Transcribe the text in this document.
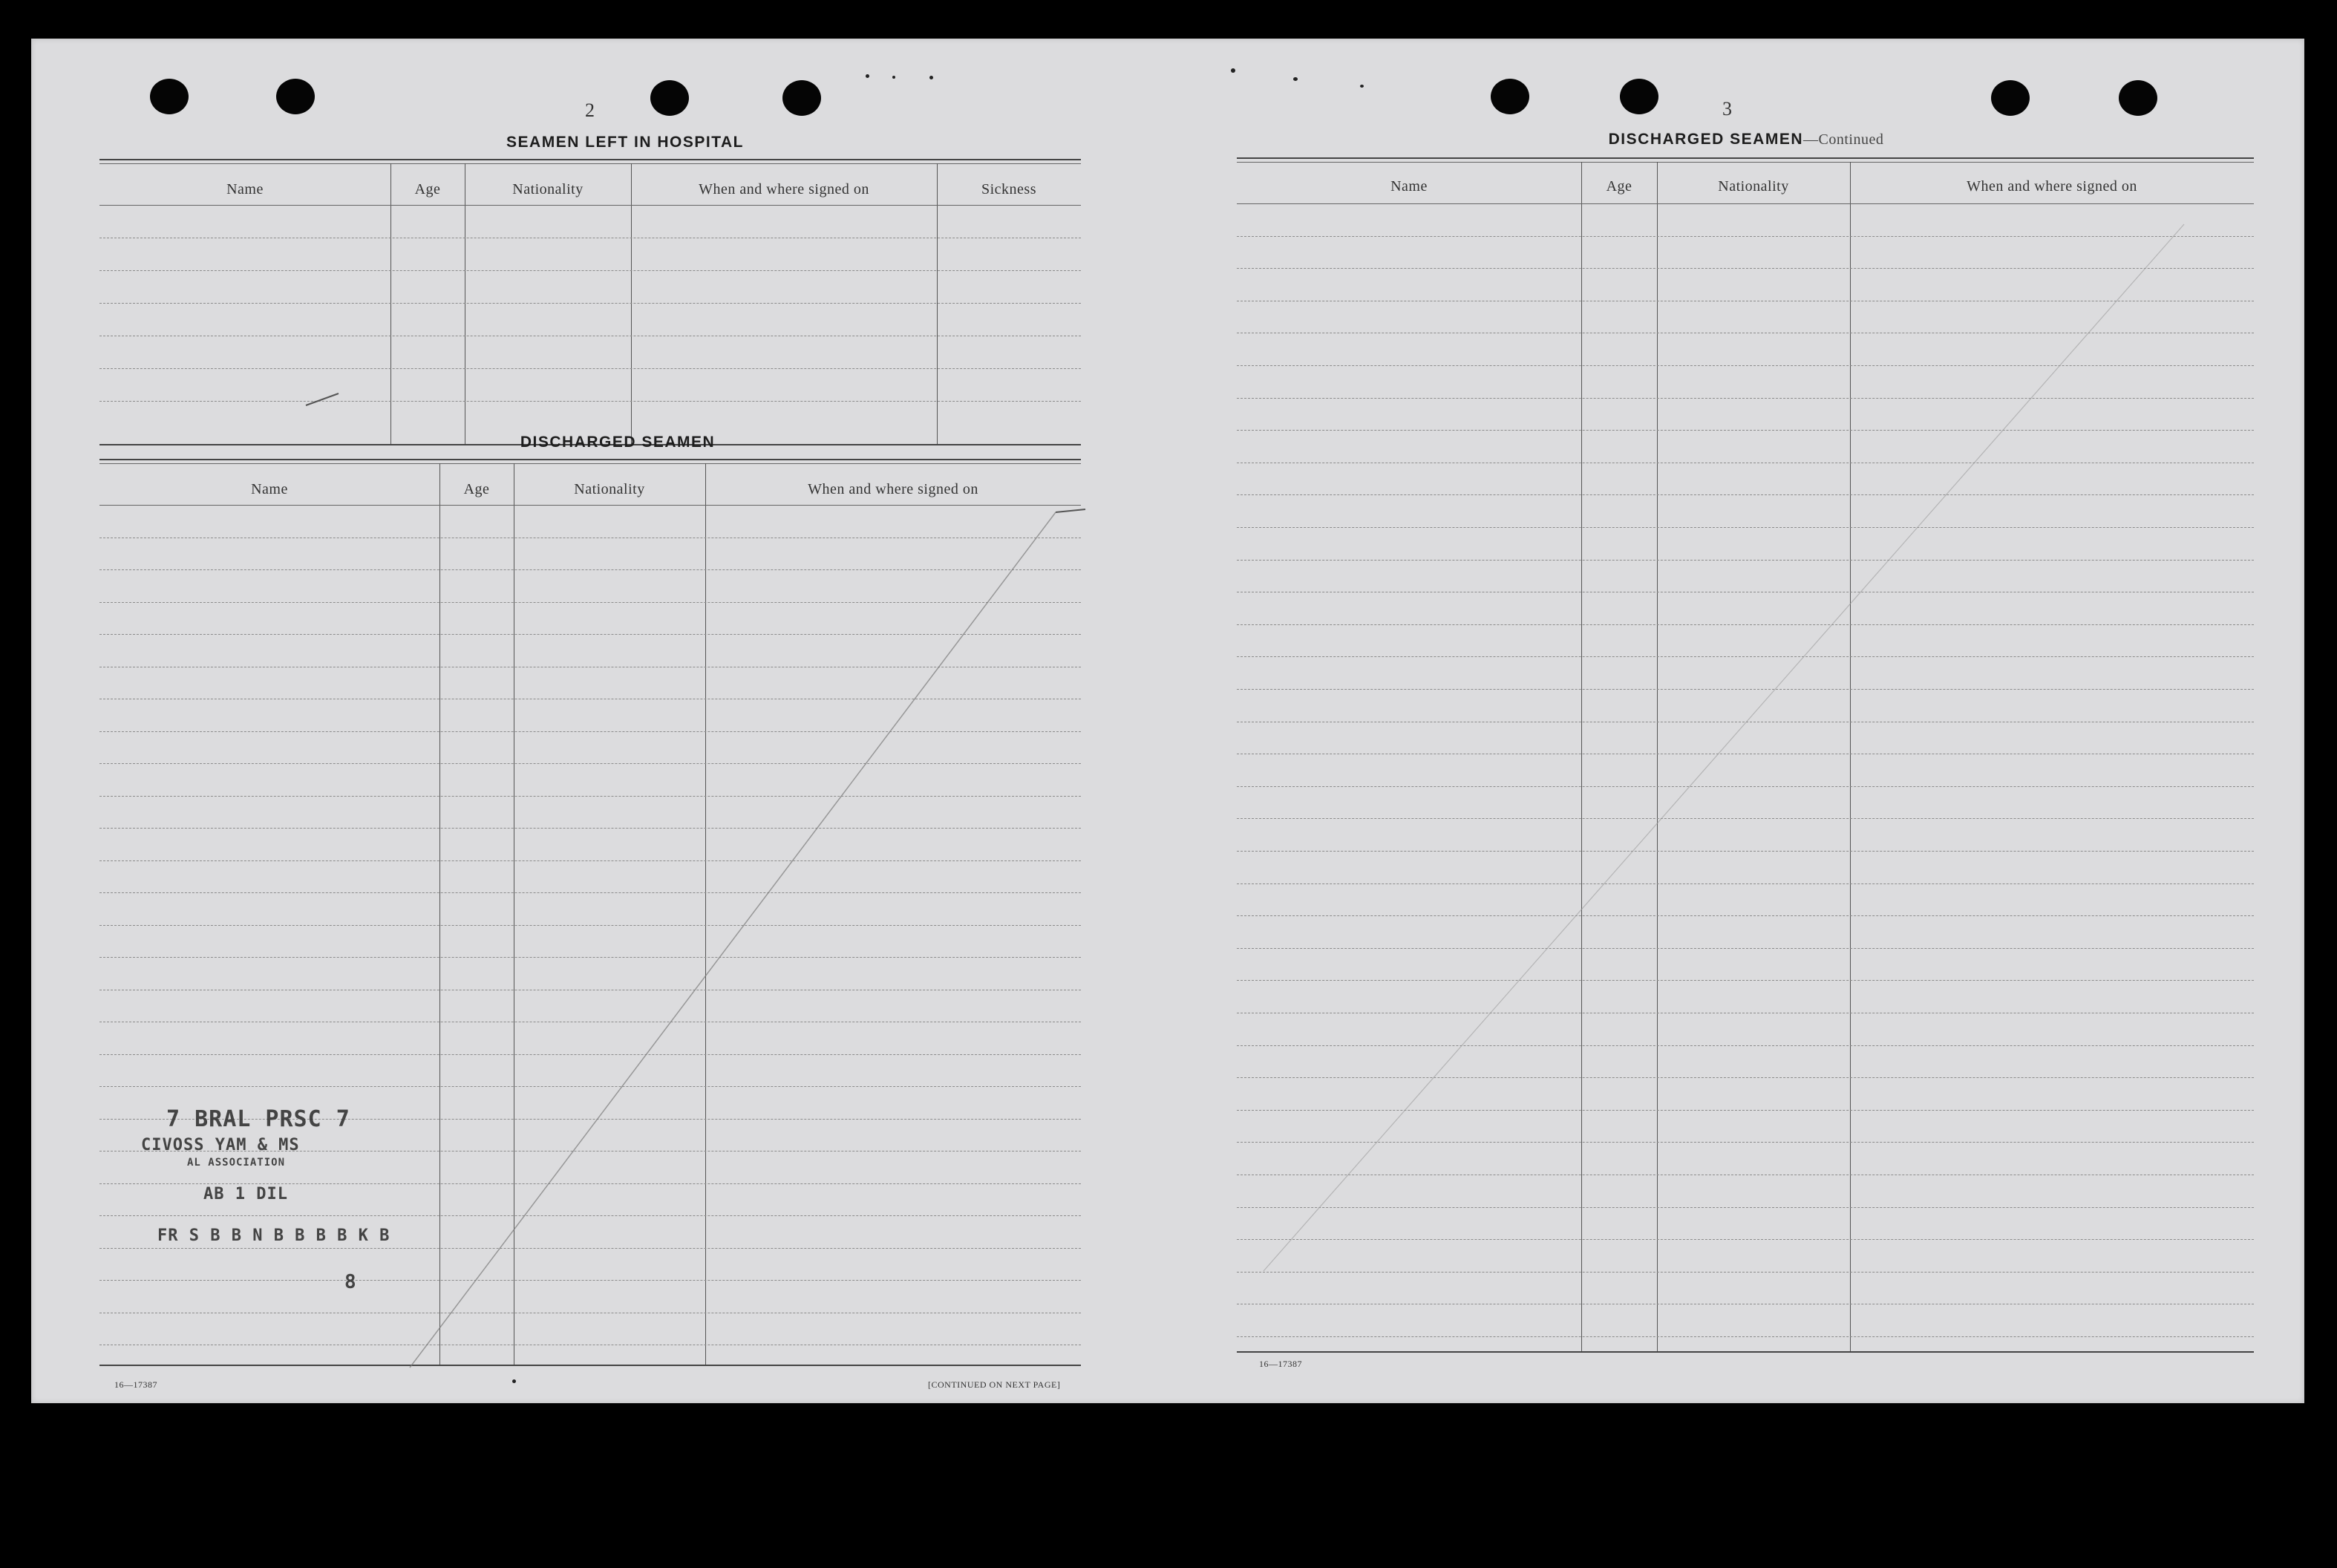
2
SEAMEN LEFT IN HOSPITAL
Name	Age	Nationality	When and where signed on	Sickness
DISCHARGED SEAMEN
Name	Age	Nationality	When and where signed on
16—17387	[CONTINUED ON NEXT PAGE]
7 BRAL PRSC 7
CIVOSS YAM & MS
AL ASSOCIATION
AB 1 DIL
FR S B B N B B B B K B
8
3
DISCHARGED SEAMEN—Continued
Name	Age	Nationality	When and where signed on
16—17387
